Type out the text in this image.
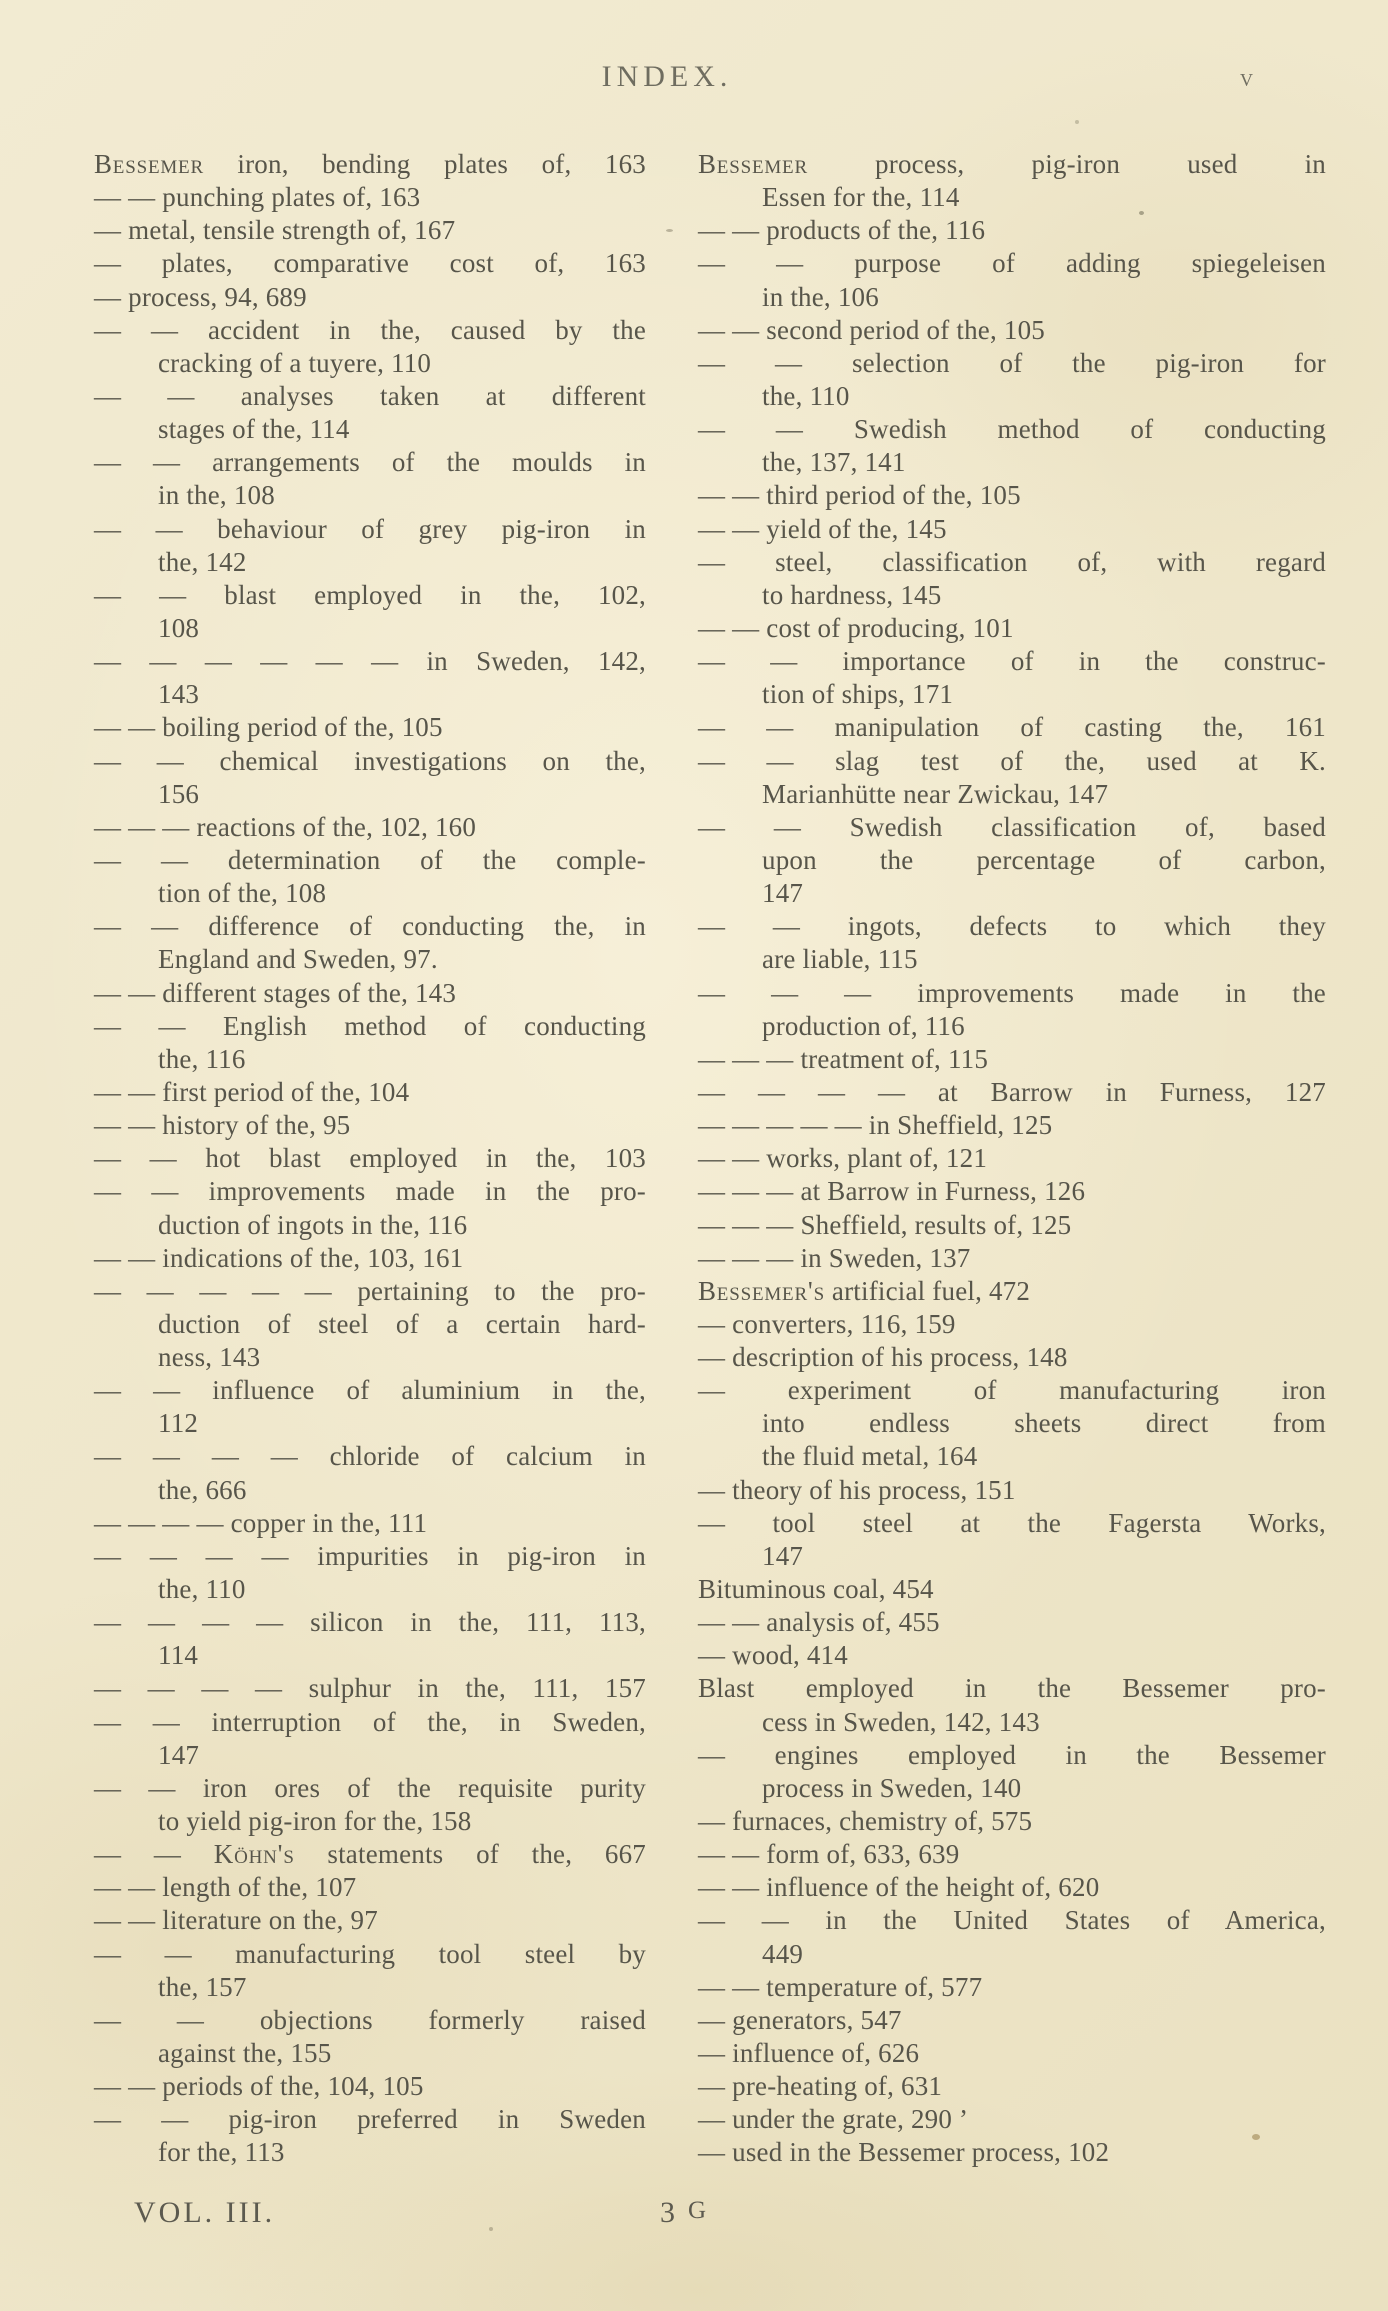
INDEX.	v
Bessemer iron, bending plates of, 163
— — punching plates of, 163
— metal, tensile strength of, 167
— plates, comparative cost of, 163
— process, 94, 689
— — accident in the, caused by the
cracking of a tuyere, 110
— — analyses taken at different
stages of the, 114
— — arrangements of the moulds in
in the, 108
— — behaviour of grey pig-iron in
the, 142
— — blast employed in the, 102,
108
— — — — — — in Sweden, 142,
143
— — boiling period of the, 105
— — chemical investigations on the,
156
— — — reactions of the, 102, 160
— — determination of the comple-
tion of the, 108
— — difference of conducting the, in
England and Sweden, 97.
— — different stages of the, 143
— — English method of conducting
the, 116
— — first period of the, 104
— — history of the, 95
— — hot blast employed in the, 103
— — improvements made in the pro-
duction of ingots in the, 116
— — indications of the, 103, 161
— — — — — pertaining to the pro-
duction of steel of a certain hard-
ness, 143
— — influence of aluminium in the,
112
— — — — chloride of calcium in
the, 666
— — — — copper in the, 111
— — — — impurities in pig-iron in
the, 110
— — — — silicon in the, 111, 113,
114
— — — — sulphur in the, 111, 157
— — interruption of the, in Sweden,
147
— — iron ores of the requisite purity
to yield pig-iron for the, 158
— — Köhn's statements of the, 667
— — length of the, 107
— — literature on the, 97
— — manufacturing tool steel by
the, 157
— — objections formerly raised
against the, 155
— — periods of the, 104, 105
— — pig-iron preferred in Sweden
for the, 113
Bessemer process, pig-iron used in
Essen for the, 114
— — products of the, 116
— — purpose of adding spiegeleisen
in the, 106
— — second period of the, 105
— — selection of the pig-iron for
the, 110
— — Swedish method of conducting
the, 137, 141
— — third period of the, 105
— — yield of the, 145
— steel, classification of, with regard
to hardness, 145
— — cost of producing, 101
— — importance of in the construc-
tion of ships, 171
— — manipulation of casting the, 161
— — slag test of the, used at K.
Marianhütte near Zwickau, 147
— — Swedish classification of, based
upon the percentage of carbon,
147
— — ingots, defects to which they
are liable, 115
— — — improvements made in the
production of, 116
— — — treatment of, 115
— — — — at Barrow in Furness, 127
— — — — — in Sheffield, 125
— — works, plant of, 121
— — — at Barrow in Furness, 126
— — — Sheffield, results of, 125
— — — in Sweden, 137
Bessemer's artificial fuel, 472
— converters, 116, 159
— description of his process, 148
— experiment of manufacturing iron
into endless sheets direct from
the fluid metal, 164
— theory of his process, 151
— tool steel at the Fagersta Works,
147
Bituminous coal, 454
— — analysis of, 455
— wood, 414
Blast employed in the Bessemer pro-
cess in Sweden, 142, 143
— engines employed in the Bessemer
process in Sweden, 140
— furnaces, chemistry of, 575
— — form of, 633, 639
— — influence of the height of, 620
— — in the United States of America,
449
— — temperature of, 577
— generators, 547
— influence of, 626
— pre-heating of, 631
— under the grate, 290 ’
— used in the Bessemer process, 102
VOL. III.	3 G
